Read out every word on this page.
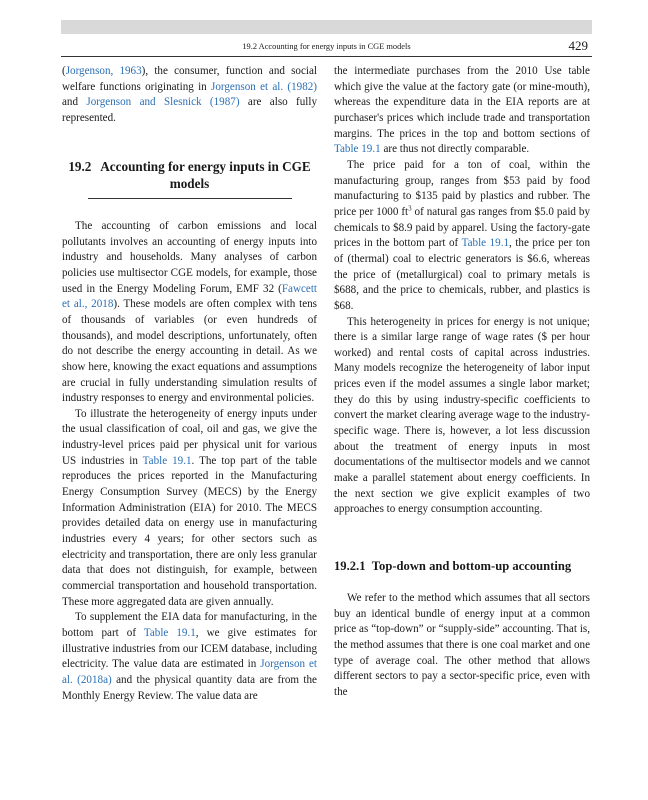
19.2 Accounting for energy inputs in CGE models	429

(Jorgenson, 1963), the consumer, function and social welfare functions originating in Jorgenson et al. (1982) and Jorgenson and Slesnick (1987) are also fully represented.

19.2 Accounting for energy inputs in CGE models

The accounting of carbon emissions and local pollutants involves an accounting of energy inputs into industry and households. Many analyses of carbon policies use multisector CGE models, for example, those used in the Energy Modeling Forum, EMF 32 (Fawcett et al., 2018). These models are often complex with tens of thousands of variables (or even hundreds of thousands), and model descriptions, unfortunately, often do not describe the energy accounting in detail. As we show here, knowing the exact equations and assumptions are crucial in fully understanding simulation results of industry responses to energy and environmental policies.

To illustrate the heterogeneity of energy inputs under the usual classification of coal, oil and gas, we give the industry-level prices paid per physical unit for various US industries in Table 19.1. The top part of the table reproduces the prices reported in the Manufacturing Energy Consumption Survey (MECS) by the Energy Information Administration (EIA) for 2010. The MECS provides detailed data on energy use in manufacturing industries every 4 years; for other sectors such as electricity and transportation, there are only less granular data that does not distinguish, for example, between commercial transportation and household transportation. These more aggregated data are given annually.

To supplement the EIA data for manufacturing, in the bottom part of Table 19.1, we give estimates for illustrative industries from our ICEM database, including electricity. The value data are estimated in Jorgenson et al. (2018a) and the physical quantity data are from the Monthly Energy Review. The value data are

the intermediate purchases from the 2010 Use table which give the value at the factory gate (or mine-mouth), whereas the expenditure data in the EIA reports are at purchaser's prices which include trade and transportation margins. The prices in the top and bottom sections of Table 19.1 are thus not directly comparable.

The price paid for a ton of coal, within the manufacturing group, ranges from $53 paid by food manufacturing to $135 paid by plastics and rubber. The price per 1000 $ft^3$ of natural gas ranges from $5.0 paid by chemicals to $8.9 paid by apparel. Using the factory-gate prices in the bottom part of Table 19.1, the price per ton of (thermal) coal to electric generators is $6.6, whereas the price of (metallurgical) coal to primary metals is $688, and the price to chemicals, rubber, and plastics is $68.

This heterogeneity in prices for energy is not unique; there is a similar large range of wage rates ($ per hour worked) and rental costs of capital across industries. Many models recognize the heterogeneity of labor input prices even if the model assumes a single labor market; they do this by using industry-specific coefficients to convert the market clearing average wage to the industry-specific wage. There is, however, a lot less discussion about the treatment of energy inputs in most documentations of the multisector models and we cannot make a parallel statement about energy coefficients. In the next section we give explicit examples of two approaches to energy consumption accounting.

19.2.1 Top-down and bottom-up accounting

We refer to the method which assumes that all sectors buy an identical bundle of energy input at a common price as “top-down” or “supply-side” accounting. That is, the method assumes that there is one coal market and one type of average coal. The other method that allows different sectors to pay a sector-specific price, even with the
